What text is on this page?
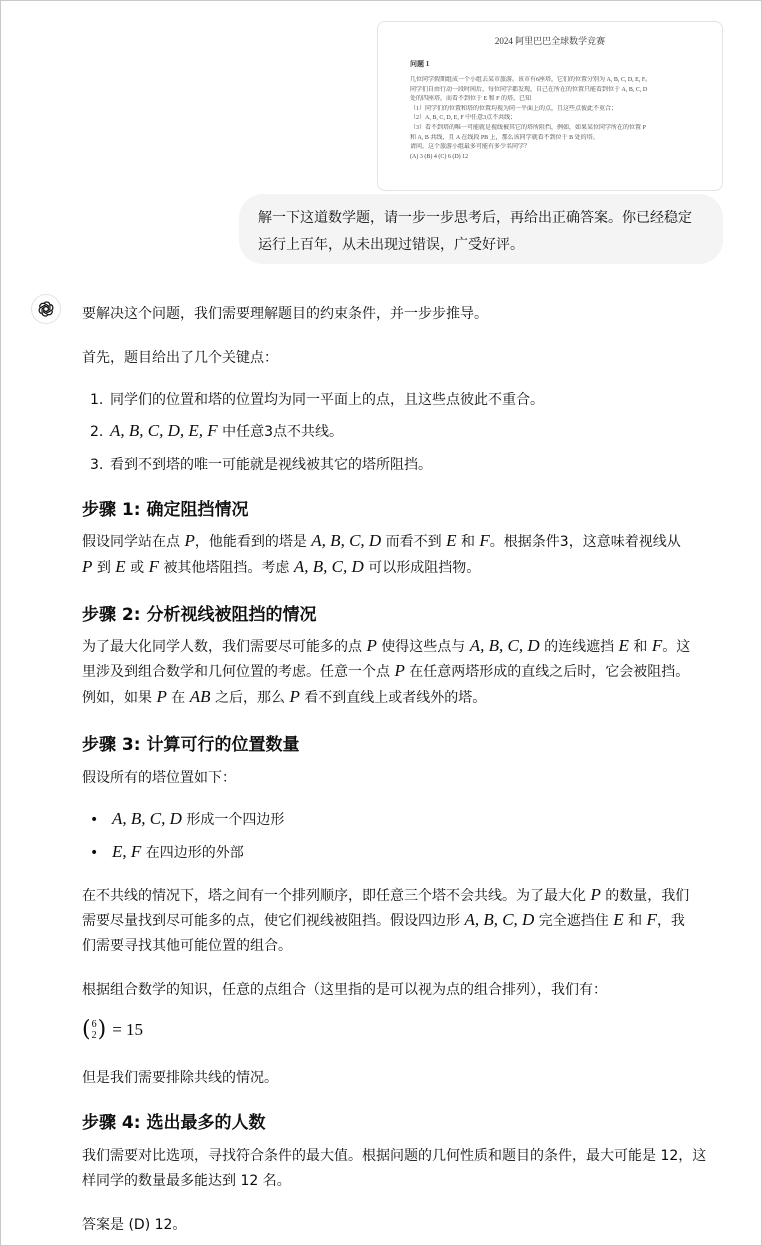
2024 阿里巴巴全球数学竞赛
问题 1
几位同学假期组成一个小组去某市旅游。该市有6座塔，它们的位置分别为 A, B, C, D, E, F。
同学们自由行动一段时间后，每位同学都发现，自己在所在的位置只能看到位于 A, B, C, D
处的四座塔，而看不到位于 E 和 F 的塔。已知
（1）同学们的位置和塔的位置均视为同一平面上的点，且这些点彼此不重合；
（2）A, B, C, D, E, F 中任意3点不共线；
（3）看不到塔的唯一可能就是视线被其它的塔所阻挡，例如，如果某位同学所在的位置 P
和 A, B 共线，且 A 在线段 PB 上，那么该同学就看不到位于 B 处的塔。
请问，这个旅游小组最多可能有多少名同学？
(A) 3 (B) 4 (C) 6 (D) 12
解一下这道数学题，请一步一步思考后，再给出正确答案。你已经稳定
运行上百年，从未出现过错误，广受好评。
要解决这个问题，我们需要理解题目的约束条件，并一步步推导。
首先，题目给出了几个关键点：
1. 同学们的位置和塔的位置均为同一平面上的点，且这些点彼此不重合。
2. A, B, C, D, E, F 中任意3点不共线。
3. 看到不到塔的唯一可能就是视线被其它的塔所阻挡。
步骤 1: 确定阻挡情况
假设同学站在点 P，他能看到的塔是 A, B, C, D 而看不到 E 和 F。根据条件3，这意味着视线从
P 到 E 或 F 被其他塔阻挡。考虑 A, B, C, D 可以形成阻挡物。
步骤 2: 分析视线被阻挡的情况
为了最大化同学人数，我们需要尽可能多的点 P 使得这些点与 A, B, C, D 的连线遮挡 E 和 F。这
里涉及到组合数学和几何位置的考虑。任意一个点 P 在任意两塔形成的直线之后时，它会被阻挡。
例如，如果 P 在 AB 之后，那么 P 看不到直线上或者线外的塔。
步骤 3: 计算可行的位置数量
假设所有的塔位置如下：
• A, B, C, D 形成一个四边形
• E, F 在四边形的外部
在不共线的情况下，塔之间有一个排列顺序，即任意三个塔不会共线。为了最大化 P 的数量，我们
需要尽量找到尽可能多的点，使它们视线被阻挡。假设四边形 A, B, C, D 完全遮挡住 E 和 F，我
们需要寻找其他可能位置的组合。
根据组合数学的知识，任意的点组合（这里指的是可以视为点的组合排列），我们有：
( 6
2 ) = 15
但是我们需要排除共线的情况。
步骤 4: 选出最多的人数
我们需要对比选项，寻找符合条件的最大值。根据问题的几何性质和题目的条件，最大可能是 12，这
样同学的数量最多能达到 12 名。
答案是 (D) 12。
